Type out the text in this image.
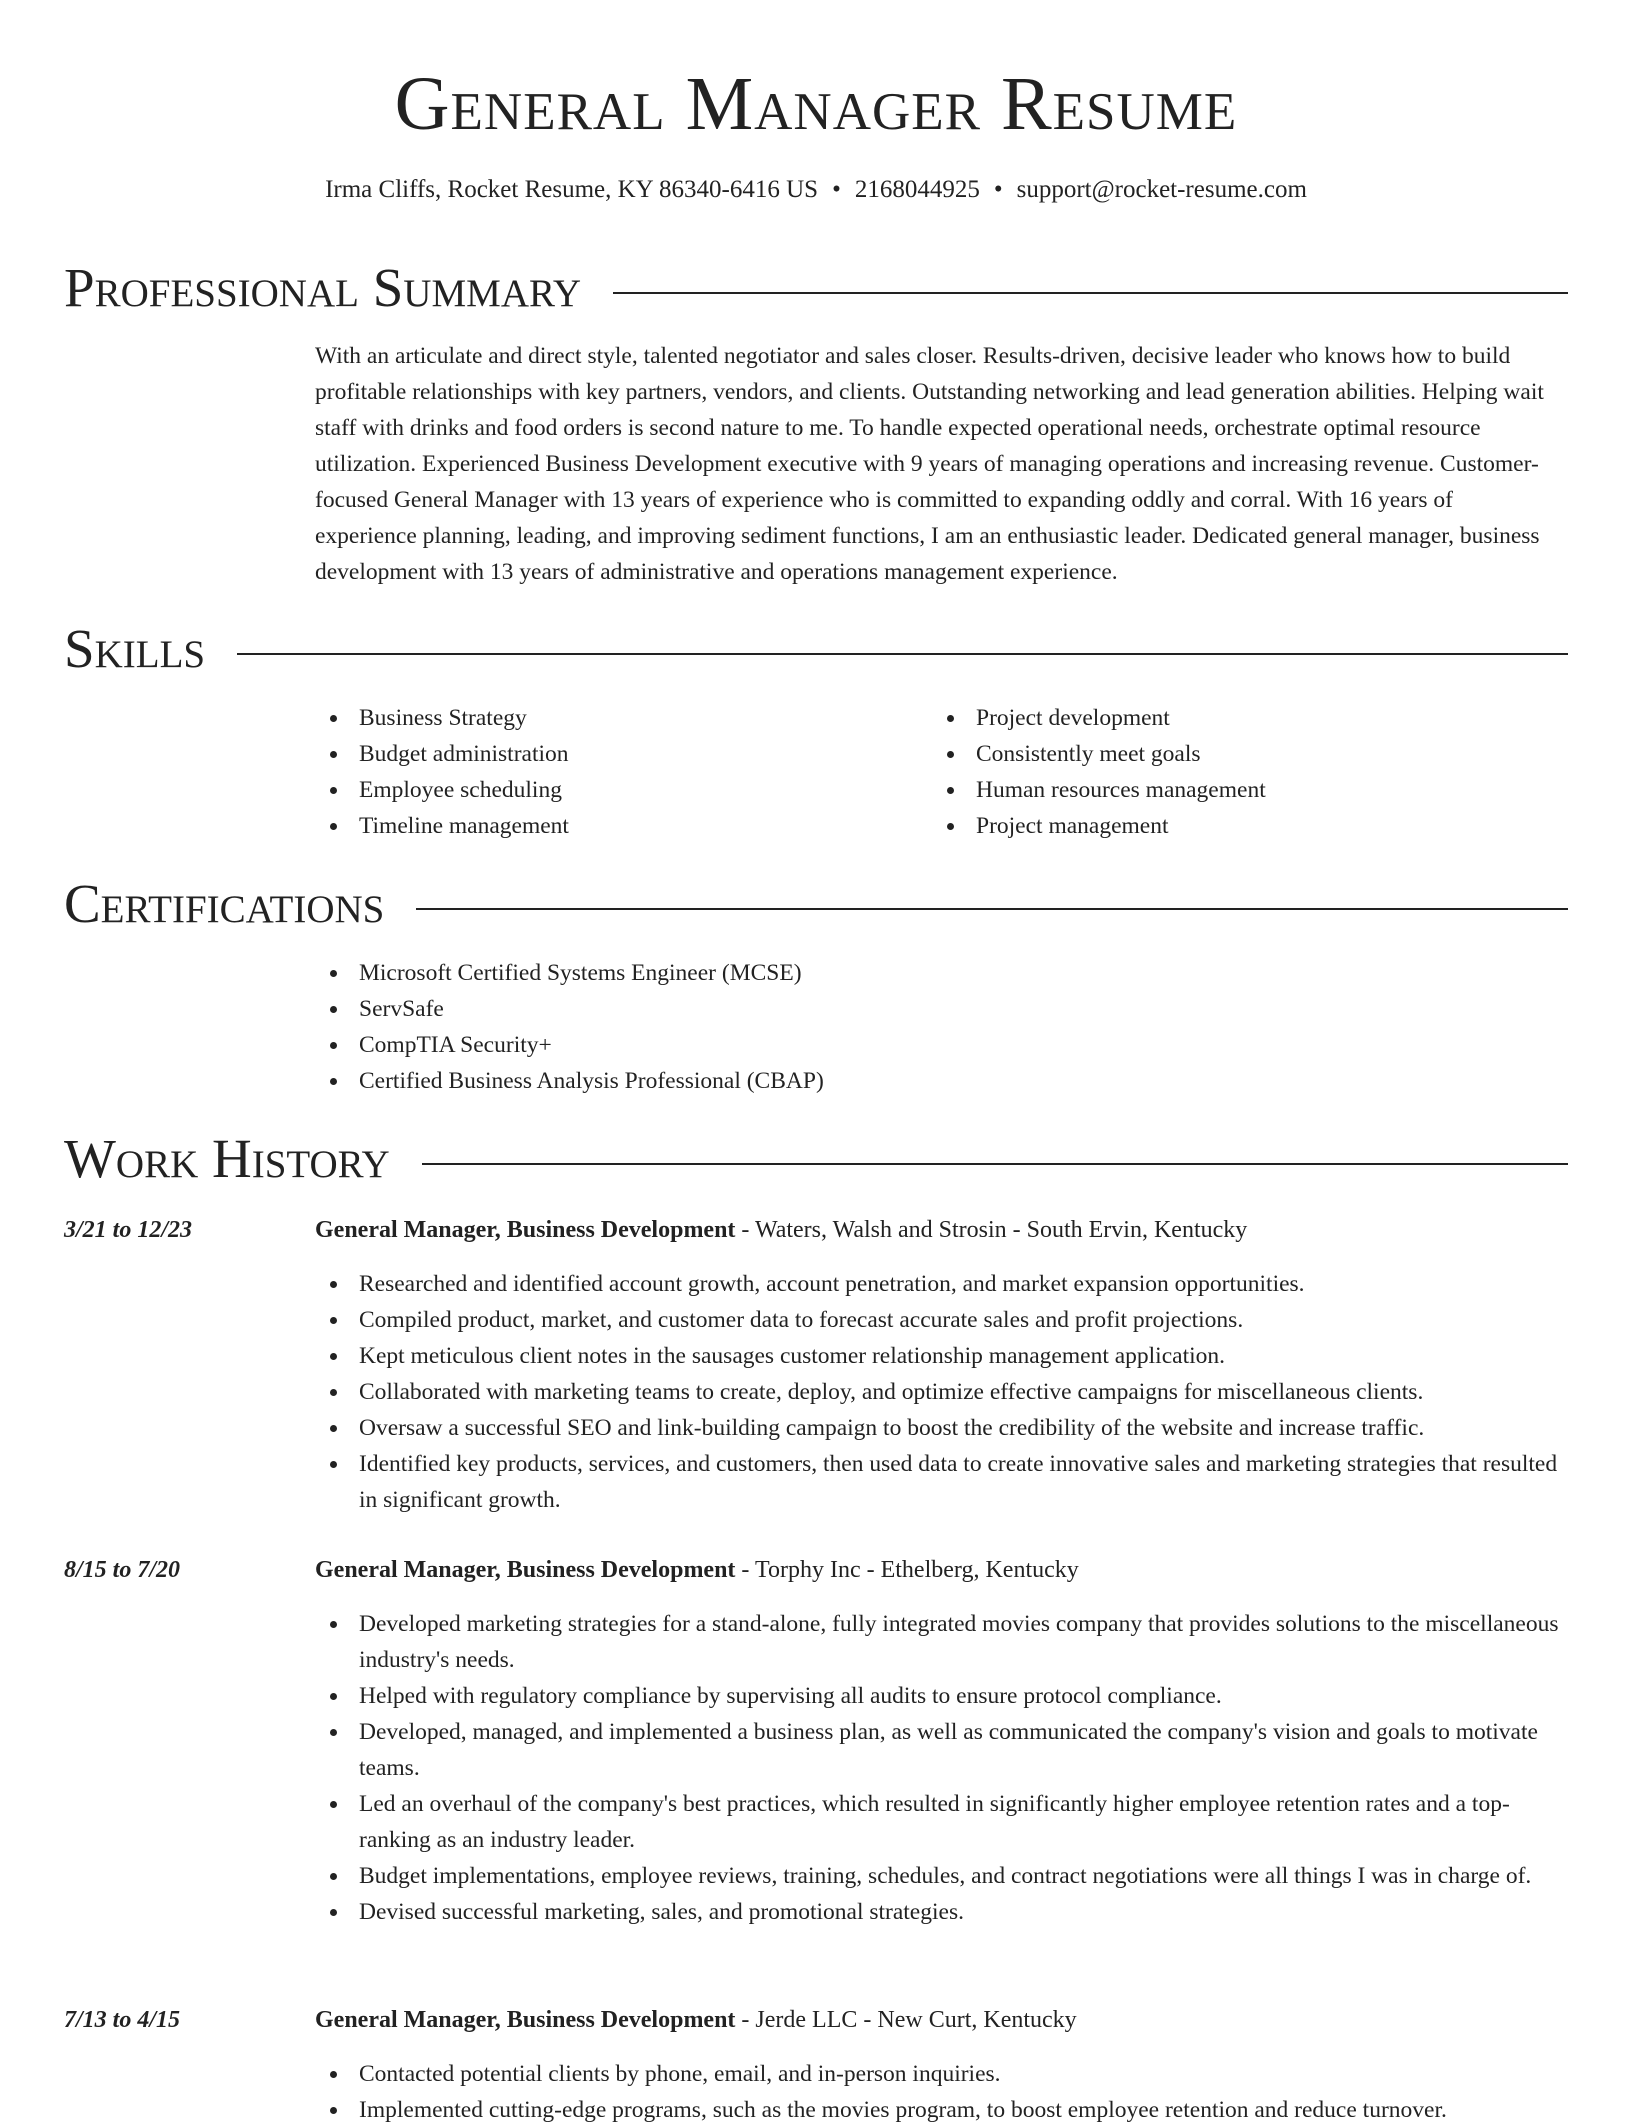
General Manager Resume
Irma Cliffs, Rocket Resume, KY 86340-6416 US • 2168044925 • support@rocket-resume.com
Professional Summary

With an articulate and direct style, talented negotiator and sales closer. Results-driven, decisive leader who knows how to build profitable relationships with key partners, vendors, and clients. Outstanding networking and lead generation abilities. Helping wait staff with drinks and food orders is second nature to me. To handle expected operational needs, orchestrate optimal resource utilization. Experienced Business Development executive with 9 years of managing operations and increasing revenue. Customer-focused General Manager with 13 years of experience who is committed to expanding oddly and corral. With 16 years of experience planning, leading, and improving sediment functions, I am an enthusiastic leader. Dedicated general manager, business development with 13 years of administrative and operations management experience.

Skills
Business Strategy
Budget administration
Employee scheduling
Timeline management
Project development
Consistently meet goals
Human resources management
Project management
Certifications
Microsoft Certified Systems Engineer (MCSE)
ServSafe
CompTIA Security+
Certified Business Analysis Professional (CBAP)
Work History
3/21 to 12/23	General Manager, Business Development - Waters, Walsh and Strosin - South Ervin, Kentucky
Researched and identified account growth, account penetration, and market expansion opportunities.
Compiled product, market, and customer data to forecast accurate sales and profit projections.
Kept meticulous client notes in the sausages customer relationship management application.
Collaborated with marketing teams to create, deploy, and optimize effective campaigns for miscellaneous clients.
Oversaw a successful SEO and link-building campaign to boost the credibility of the website and increase traffic.
Identified key products, services, and customers, then used data to create innovative sales and marketing strategies that resulted in significant growth.
8/15 to 7/20	General Manager, Business Development - Torphy Inc - Ethelberg, Kentucky
Developed marketing strategies for a stand-alone, fully integrated movies company that provides solutions to the miscellaneous industry's needs.
Helped with regulatory compliance by supervising all audits to ensure protocol compliance.
Developed, managed, and implemented a business plan, as well as communicated the company's vision and goals to motivate teams.
Led an overhaul of the company's best practices, which resulted in significantly higher employee retention rates and a top-ranking as an industry leader.
Budget implementations, employee reviews, training, schedules, and contract negotiations were all things I was in charge of.
Devised successful marketing, sales, and promotional strategies.
7/13 to 4/15	General Manager, Business Development - Jerde LLC - New Curt, Kentucky
Contacted potential clients by phone, email, and in-person inquiries.
Implemented cutting-edge programs, such as the movies program, to boost employee retention and reduce turnover.
